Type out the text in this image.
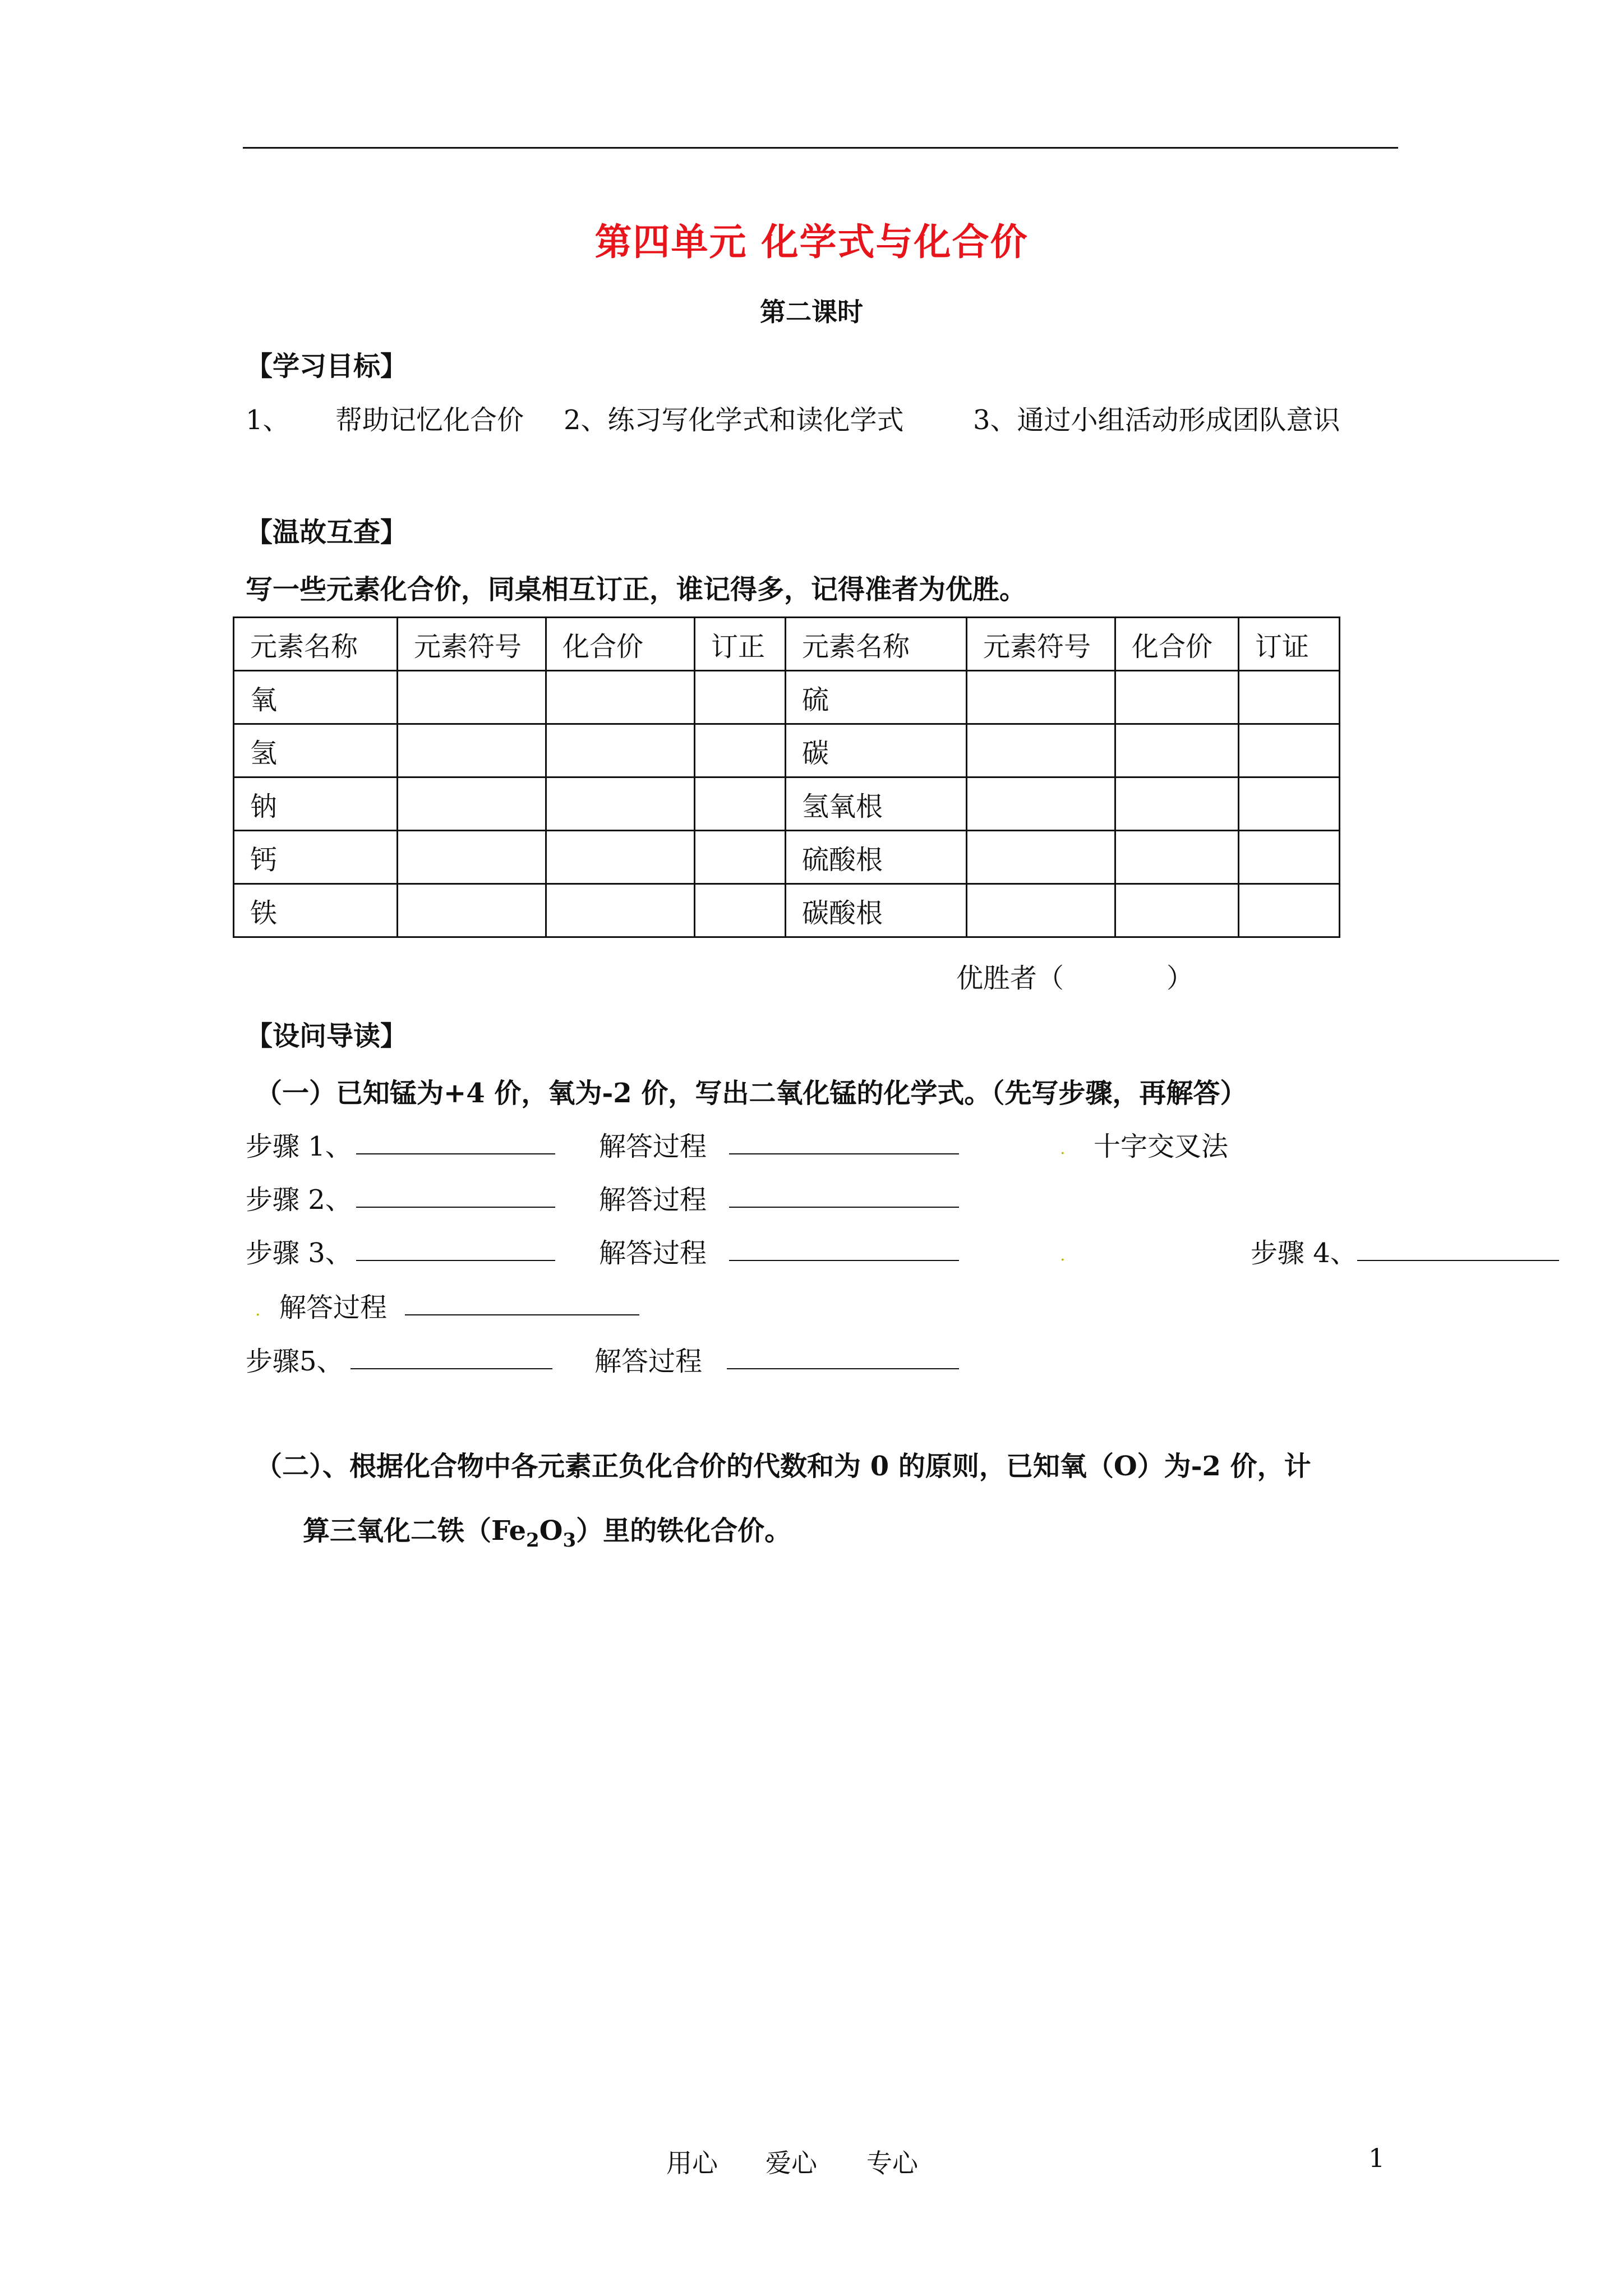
第四单元 化学式与化合价
第二课时
【学习目标】
1、 帮助记忆化合价 2、练习写化学式和读化学式	3、通过小组活动形成团队意识
【温故互查】
写一些元素化合价，同桌相互订正，谁记得多，记得准者为优胜。
元素名称	元素符号	化合价	订正	元素名称	元素符号	化合价	订证
氧				硫			
氢				碳			
钠				氢氧根			
钙				硫酸根			
铁				碳酸根			
优胜者（	）
【设问导读】
（一）已知锰为+4 价，氧为-2 价，写出二氧化锰的化学式。（先写步骤，再解答）
步骤 1、	解答过程	. 十字交叉法
步骤 2、	解答过程
步骤 3、	解答过程	.	步骤 4、
. 解答过程
步骤5、	解答过程
（二）、根据化合物中各元素正负化合价的代数和为 0 的原则，已知氧（O）为-2 价，计
算三氧化二铁$(Fe_2O_3)$里的铁化合价。
用心 爱心 专心	1
